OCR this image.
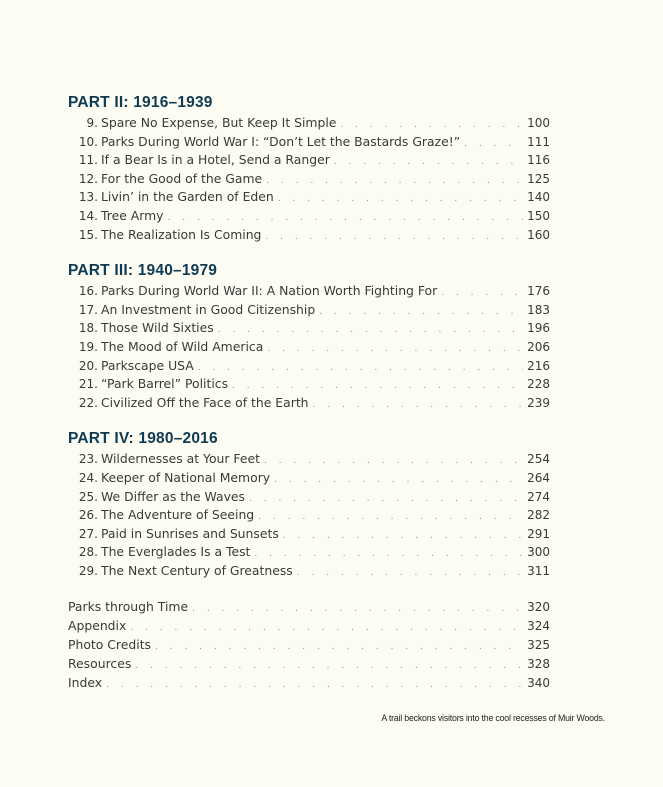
PART II: 1916–1939
9. Spare No Expense, But Keep It Simple . . .	100
10. Parks During World War I: “Don’t Let the Bastards Graze!” . . .	111
11. If a Bear Is in a Hotel, Send a Ranger . . .	116
12. For the Good of the Game . . .	125
13. Livin’ in the Garden of Eden . . .	140
14. Tree Army . . .	150
15. The Realization Is Coming . . .	160
PART III: 1940–1979
16. Parks During World War II: A Nation Worth Fighting For . . .	176
17. An Investment in Good Citizenship . . .	183
18. Those Wild Sixties . . .	196
19. The Mood of Wild America . . .	206
20. Parkscape USA . . .	216
21. “Park Barrel” Politics . . .	228
22. Civilized Off the Face of the Earth . . .	239
PART IV: 1980–2016
23. Wildernesses at Your Feet . . .	254
24. Keeper of National Memory . . .	264
25. We Differ as the Waves . . .	274
26. The Adventure of Seeing . . .	282
27. Paid in Sunrises and Sunsets . . .	291
28. The Everglades Is a Test . . .	300
29. The Next Century of Greatness . . .	311
Parks through Time . . .	320
Appendix . . .	324
Photo Credits . . .	325
Resources . . .	328
Index . . .	340
A trail beckons visitors into the cool recesses of Muir Woods.
